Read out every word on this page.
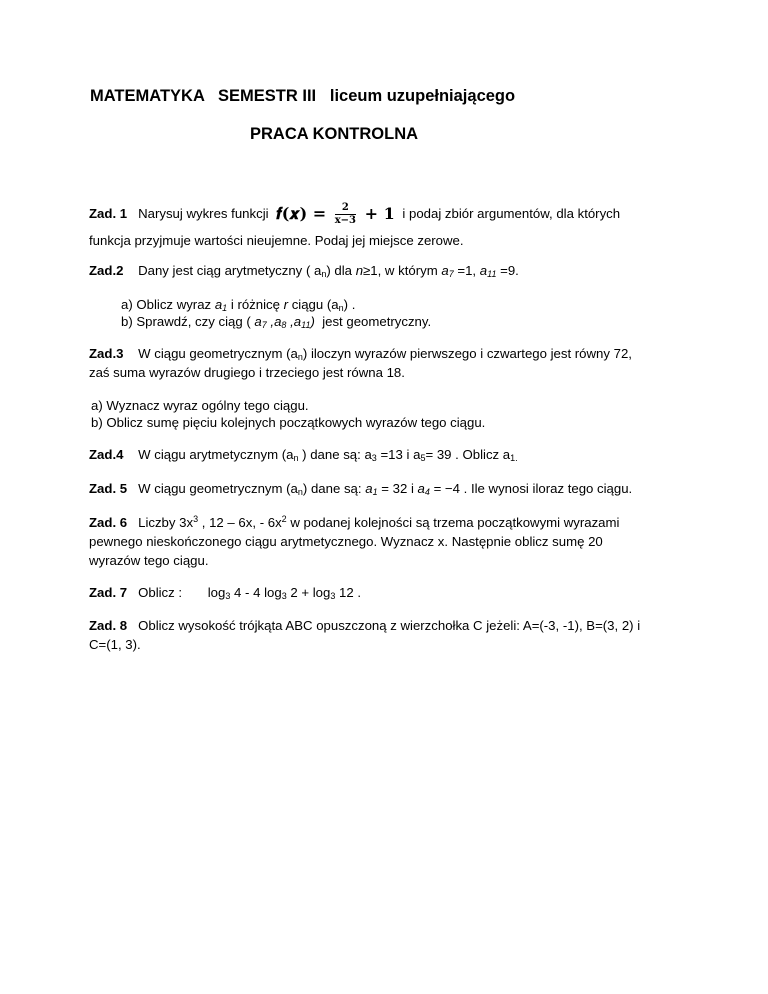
MATEMATYKA   SEMESTR III   liceum uzupełniającego
PRACA KONTROLNA
Zad. 1 Narysuj wykres funkcji 𝒇(𝒙) = $\frac{2}{x-3}$ + 𝟏 i podaj zbiór argumentów, dla których
funkcja przyjmuje wartości nieujemne. Podaj jej miejsce zerowe.
Zad.2 Dany jest ciąg arytmetyczny ( $a_n$) dla n≥1, w którym $a_7 =1$, $a_{11} =9$.
a) Oblicz wyraz $a_1$ i różnicę r ciągu $(a_n)$ .
b) Sprawdź, czy ciąg ( $a_7$ $,a_8$ $,a_{11}$) jest geometryczny.
Zad.3 W ciągu geometrycznym $(a_n)$ iloczyn wyrazów pierwszego i czwartego jest równy 72,
zaś suma wyrazów drugiego i trzeciego jest równa 18.
a) Wyznacz wyraz ogólny tego ciągu.
b) Oblicz sumę pięciu kolejnych początkowych wyrazów tego ciągu.
Zad.4 W ciągu arytmetycznym ($a_n$ ) dane są: $a_3 =13$ i $a_5= 39$ . Oblicz $a_{1.}$
Zad. 5 W ciągu geometrycznym $(a_n)$ dane są: $a_1 = 32$ i $a_4 = -4$ . Ile wynosi iloraz tego ciągu.
Zad. 6 Liczby $3x^3$ , 12 – 6x, - $6x^2$ w podanej kolejności są trzema początkowymi wyrazami
pewnego nieskończonego ciągu arytmetycznego. Wyznacz x. Następnie oblicz sumę 20
wyrazów tego ciągu.
Zad. 7 Oblicz : $\log_3 4 - 4$ $\log_3 2 + \log_3 12$ .
Zad. 8 Oblicz wysokość trójkąta ABC opuszczoną z wierzchołka C jeżeli: A=(-3, -1), B=(3, 2) i
C=(1, 3).
